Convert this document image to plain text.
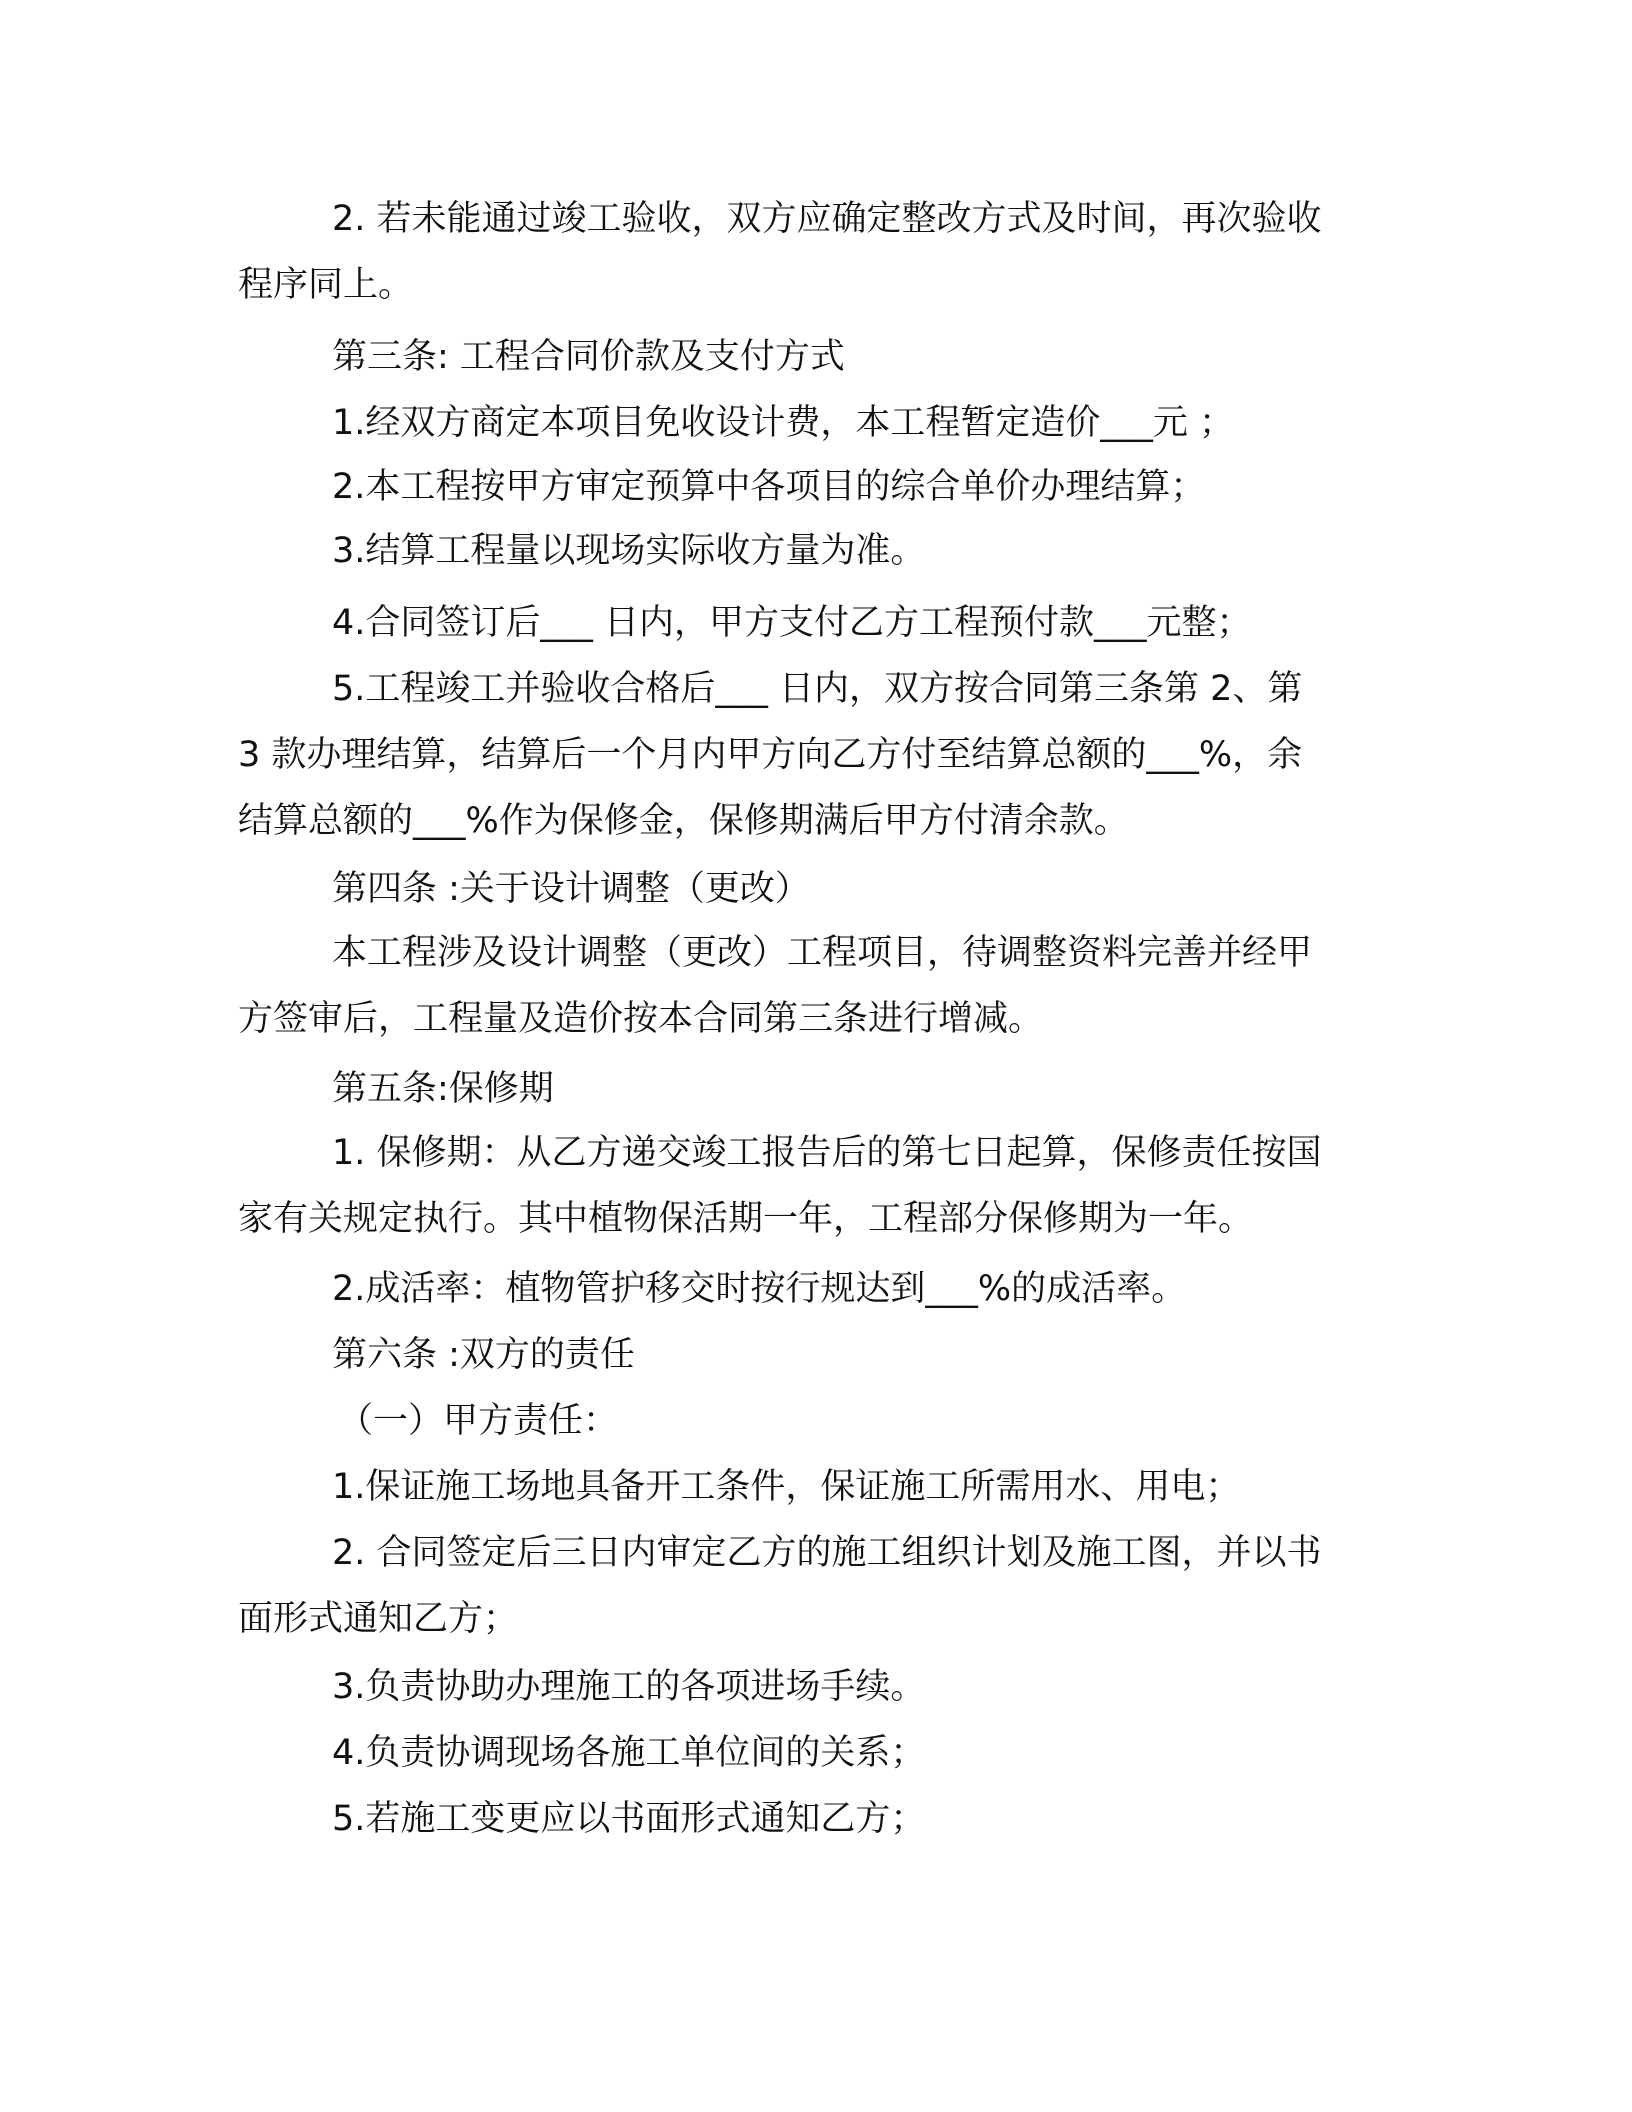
2. 若未能通过竣工验收，双方应确定整改方式及时间，再次验收

程序同上。

第三条: 工程合同价款及支付方式

1.经双方商定本项目免收设计费，本工程暂定造价___元 ；

2.本工程按甲方审定预算中各项目的综合单价办理结算；

3.结算工程量以现场实际收方量为准。

4.合同签订后___ 日内，甲方支付乙方工程预付款___元整；

5.工程竣工并验收合格后___ 日内，双方按合同第三条第 2、第

3 款办理结算，结算后一个月内甲方向乙方付至结算总额的___%，余

结算总额的___%作为保修金，保修期满后甲方付清余款。

第四条 :关于设计调整（更改）

本工程涉及设计调整（更改）工程项目，待调整资料完善并经甲

方签审后，工程量及造价按本合同第三条进行增减。

第五条:保修期

1. 保修期：从乙方递交竣工报告后的第七日起算，保修责任按国

家有关规定执行。其中植物保活期一年，工程部分保修期为一年。

2.成活率：植物管护移交时按行规达到___%的成活率。

第六条 :双方的责任

（一）甲方责任：

1.保证施工场地具备开工条件，保证施工所需用水、用电；

2. 合同签定后三日内审定乙方的施工组织计划及施工图，并以书

面形式通知乙方；

3.负责协助办理施工的各项进场手续。

4.负责协调现场各施工单位间的关系；

5.若施工变更应以书面形式通知乙方；
